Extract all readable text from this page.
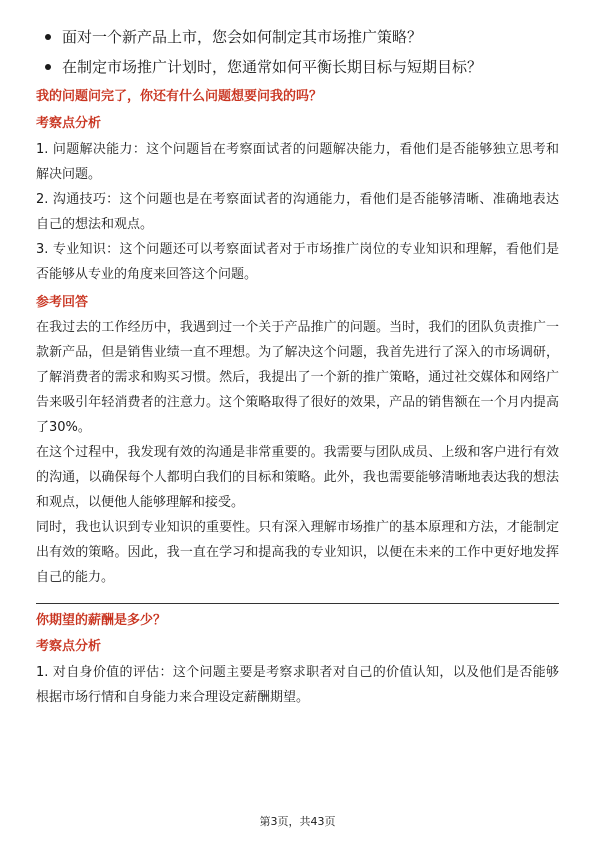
面对一个新产品上市，您会如何制定其市场推广策略？
在制定市场推广计划时，您通常如何平衡长期目标与短期目标？
我的问题问完了，你还有什么问题想要问我的吗？
考察点分析

1. 问题解决能力：这个问题旨在考察面试者的问题解决能力，看他们是否能够独立思考和解决问题。

2. 沟通技巧：这个问题也是在考察面试者的沟通能力，看他们是否能够清晰、准确地表达自己的想法和观点。

3. 专业知识：这个问题还可以考察面试者对于市场推广岗位的专业知识和理解，看他们是否能够从专业的角度来回答这个问题。

参考回答

在我过去的工作经历中，我遇到过一个关于产品推广的问题。当时，我们的团队负责推广一款新产品，但是销售业绩一直不理想。为了解决这个问题，我首先进行了深入的市场调研，了解消费者的需求和购买习惯。然后，我提出了一个新的推广策略，通过社交媒体和网络广告来吸引年轻消费者的注意力。这个策略取得了很好的效果，产品的销售额在一个月内提高了30%。

在这个过程中，我发现有效的沟通是非常重要的。我需要与团队成员、上级和客户进行有效的沟通，以确保每个人都明白我们的目标和策略。此外，我也需要能够清晰地表达我的想法和观点，以便他人能够理解和接受。

同时，我也认识到专业知识的重要性。只有深入理解市场推广的基本原理和方法，才能制定出有效的策略。因此，我一直在学习和提高我的专业知识，以便在未来的工作中更好地发挥自己的能力。

你期望的薪酬是多少？
考察点分析

1. 对自身价值的评估：这个问题主要是考察求职者对自己的价值认知，以及他们是否能够根据市场行情和自身能力来合理设定薪酬期望。

第3页，共43页
